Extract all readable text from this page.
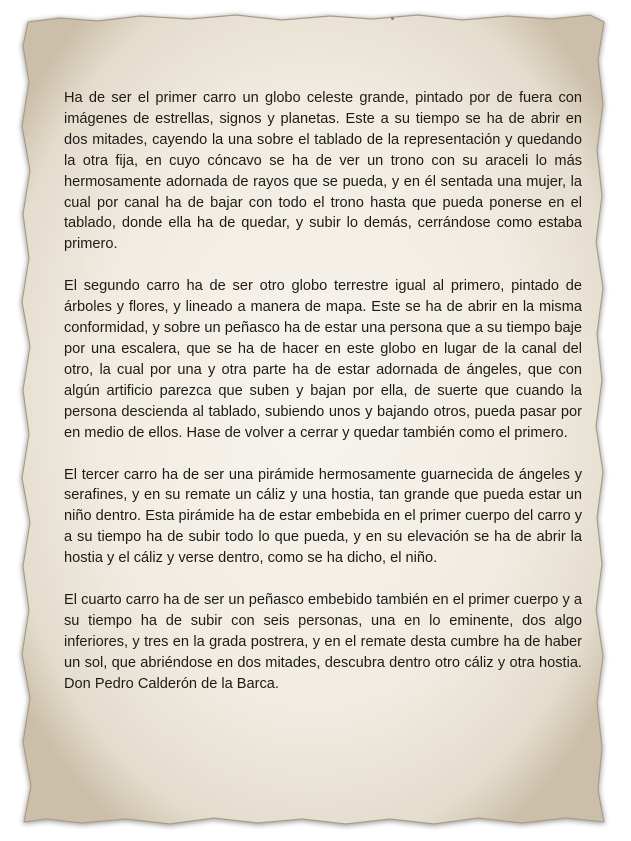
Ha de ser el primer carro un globo celeste grande, pintado por de fuera con imágenes de estrellas, signos y planetas. Este a su tiempo se ha de abrir en dos mitades, cayendo la una sobre el tablado de la representación y quedando la otra fija, en cuyo cóncavo se ha de ver un trono con su araceli lo más hermosamente adornada de rayos que se pueda, y en él sentada una mujer, la cual por canal ha de bajar con todo el trono hasta que pueda ponerse en el tablado, donde ella ha de quedar, y subir lo demás, cerrándose como estaba primero.

El segundo carro ha de ser otro globo terrestre igual al primero, pintado de árboles y flores, y lineado a manera de mapa. Este se ha de abrir en la misma conformidad, y sobre un peñasco ha de estar una persona que a su tiempo baje por una escalera, que se ha de hacer en este globo en lugar de la canal del otro, la cual por una y otra parte ha de estar adornada de ángeles, que con algún artificio parezca que suben y bajan por ella, de suerte que cuando la persona descienda al tablado, subiendo unos y bajando otros, pueda pasar por en medio de ellos. Hase de volver a cerrar y quedar también como el primero.

El tercer carro ha de ser una pirámide hermosamente guarnecida de ángeles y serafines, y en su remate un cáliz y una hostia, tan grande que pueda estar un niño dentro. Esta pirámide ha de estar embebida en el primer cuerpo del carro y a su tiempo ha de subir todo lo que pueda, y en su elevación se ha de abrir la hostia y el cáliz y verse dentro, como se ha dicho, el niño.

El cuarto carro ha de ser un peñasco embebido también en el primer cuerpo y a su tiempo ha de subir con seis personas, una en lo eminente, dos algo inferiores, y tres en la grada postrera, y en el remate desta cumbre ha de haber un sol, que abriéndose en dos mitades, descubra dentro otro cáliz y otra hostia. Don Pedro Calderón de la Barca.
